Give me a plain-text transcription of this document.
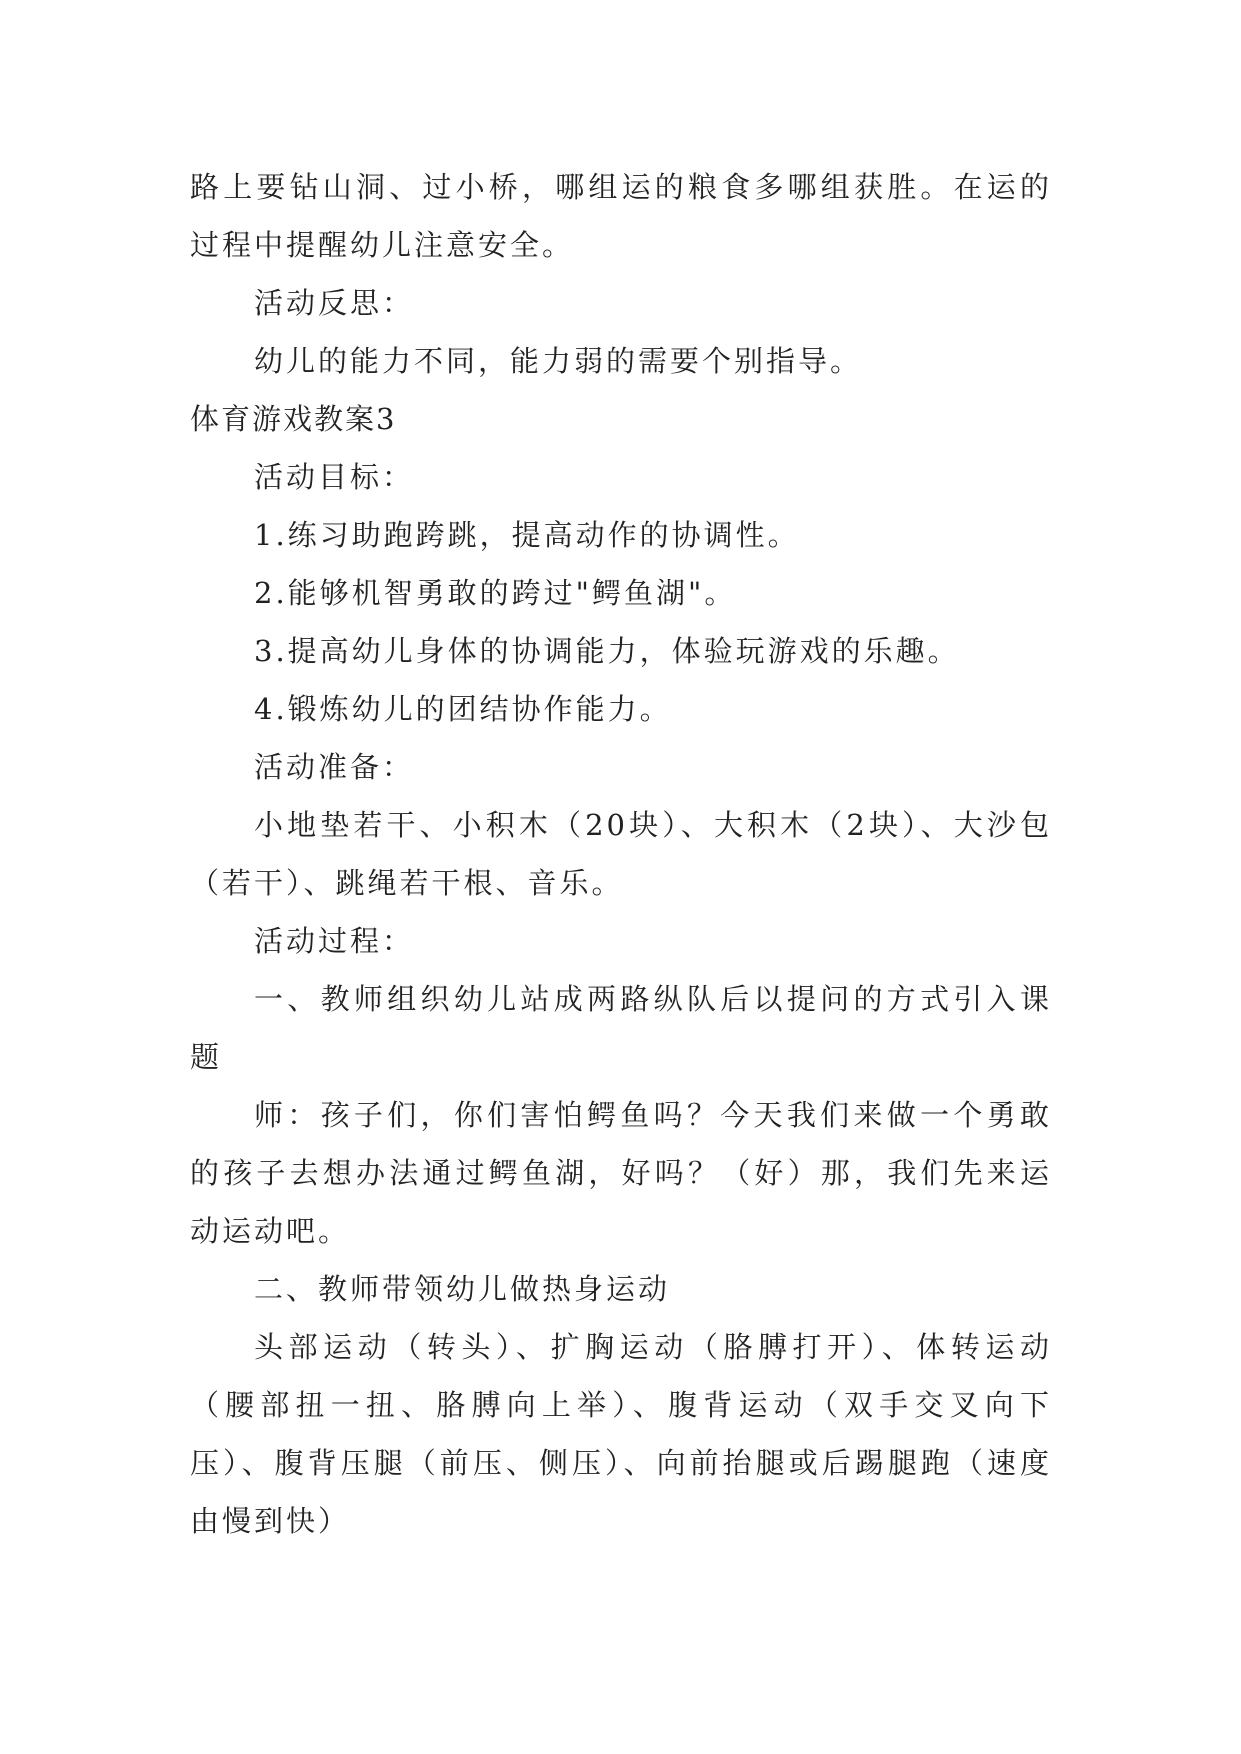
路上要钻山洞、过小桥，哪组运的粮食多哪组获胜。在运的过程中提醒幼儿注意安全。

活动反思：

幼儿的能力不同，能力弱的需要个别指导。

体育游戏教案3

活动目标：

1.练习助跑跨跳，提高动作的协调性。

2.能够机智勇敢的跨过"鳄鱼湖"。

3.提高幼儿身体的协调能力，体验玩游戏的乐趣。

4.锻炼幼儿的团结协作能力。

活动准备：

小地垫若干、小积木（20块）、大积木（2块）、大沙包（若干）、跳绳若干根、音乐。

活动过程：

一、教师组织幼儿站成两路纵队后以提问的方式引入课题

师：孩子们，你们害怕鳄鱼吗？今天我们来做一个勇敢的孩子去想办法通过鳄鱼湖，好吗？（好）那，我们先来运动运动吧。

二、教师带领幼儿做热身运动

头部运动（转头）、扩胸运动（胳膊打开）、体转运动（腰部扭一扭、胳膊向上举）、腹背运动（双手交叉向下压）、腹背压腿（前压、侧压）、向前抬腿或后踢腿跑（速度由慢到快）
